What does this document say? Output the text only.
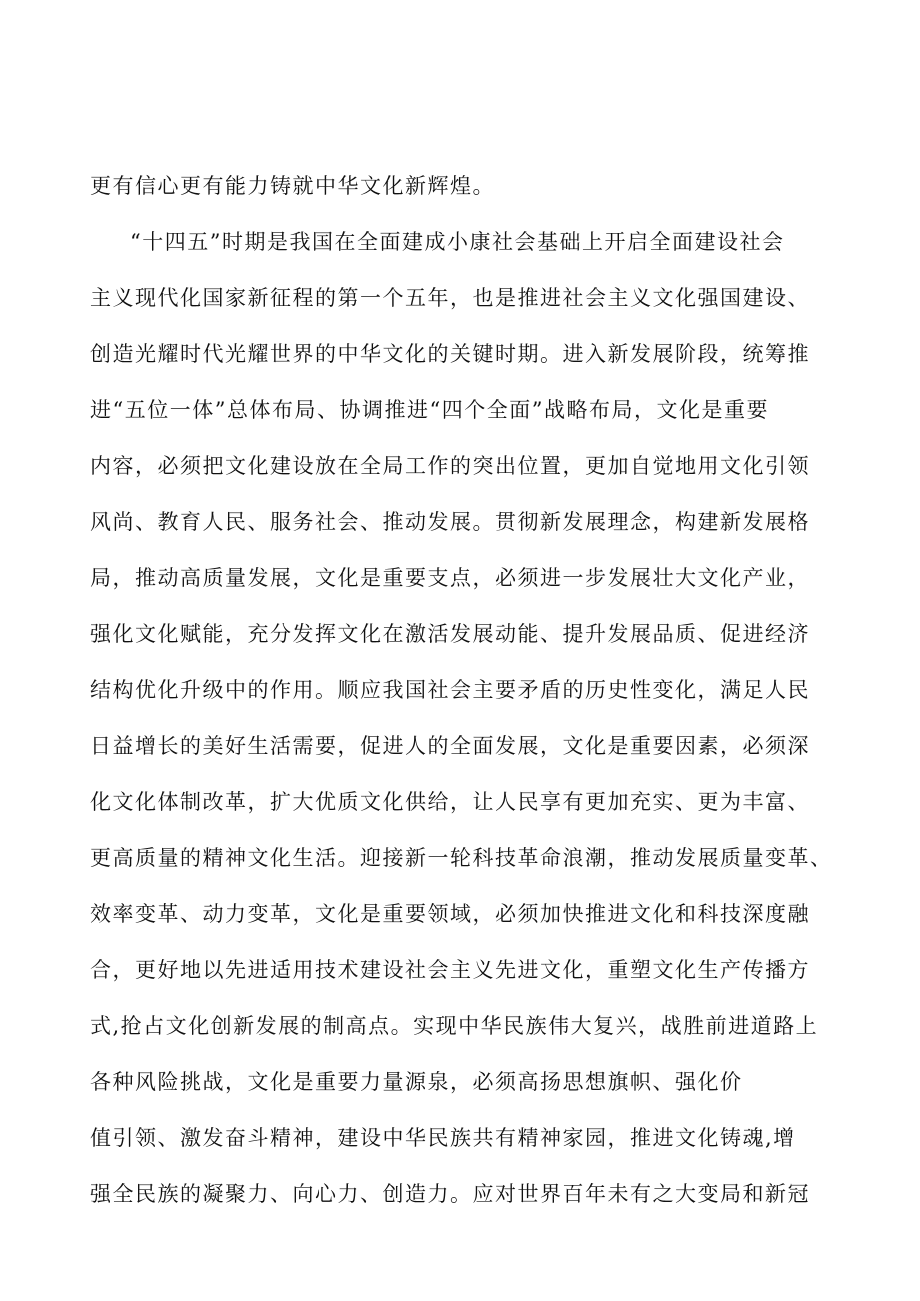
更有信心更有能力铸就中华文化新辉煌。
“十四五”时期是我国在全面建成小康社会基础上开启全面建设社会
主义现代化国家新征程的第一个五年，也是推进社会主义文化强国建设、
创造光耀时代光耀世界的中华文化的关键时期。进入新发展阶段，统筹推
进“五位一体”总体布局、协调推进“四个全面”战略布局，文化是重要
内容，必须把文化建设放在全局工作的突出位置，更加自觉地用文化引领
风尚、教育人民、服务社会、推动发展。贯彻新发展理念，构建新发展格
局，推动高质量发展，文化是重要支点，必须进一步发展壮大文化产业，
强化文化赋能，充分发挥文化在激活发展动能、提升发展品质、促进经济
结构优化升级中的作用。顺应我国社会主要矛盾的历史性变化，满足人民
日益增长的美好生活需要，促进人的全面发展，文化是重要因素，必须深
化文化体制改革，扩大优质文化供给，让人民享有更加充实、更为丰富、
更高质量的精神文化生活。迎接新一轮科技革命浪潮，推动发展质量变革、
效率变革、动力变革，文化是重要领域，必须加快推进文化和科技深度融
合，更好地以先进适用技术建设社会主义先进文化，重塑文化生产传播方
式,抢占文化创新发展的制高点。实现中华民族伟大复兴，战胜前进道路上
各种风险挑战，文化是重要力量源泉，必须高扬思想旗帜、强化价
值引领、激发奋斗精神，建设中华民族共有精神家园，推进文化铸魂,增
强全民族的凝聚力、向心力、创造力。应对世界百年未有之大变局和新冠
